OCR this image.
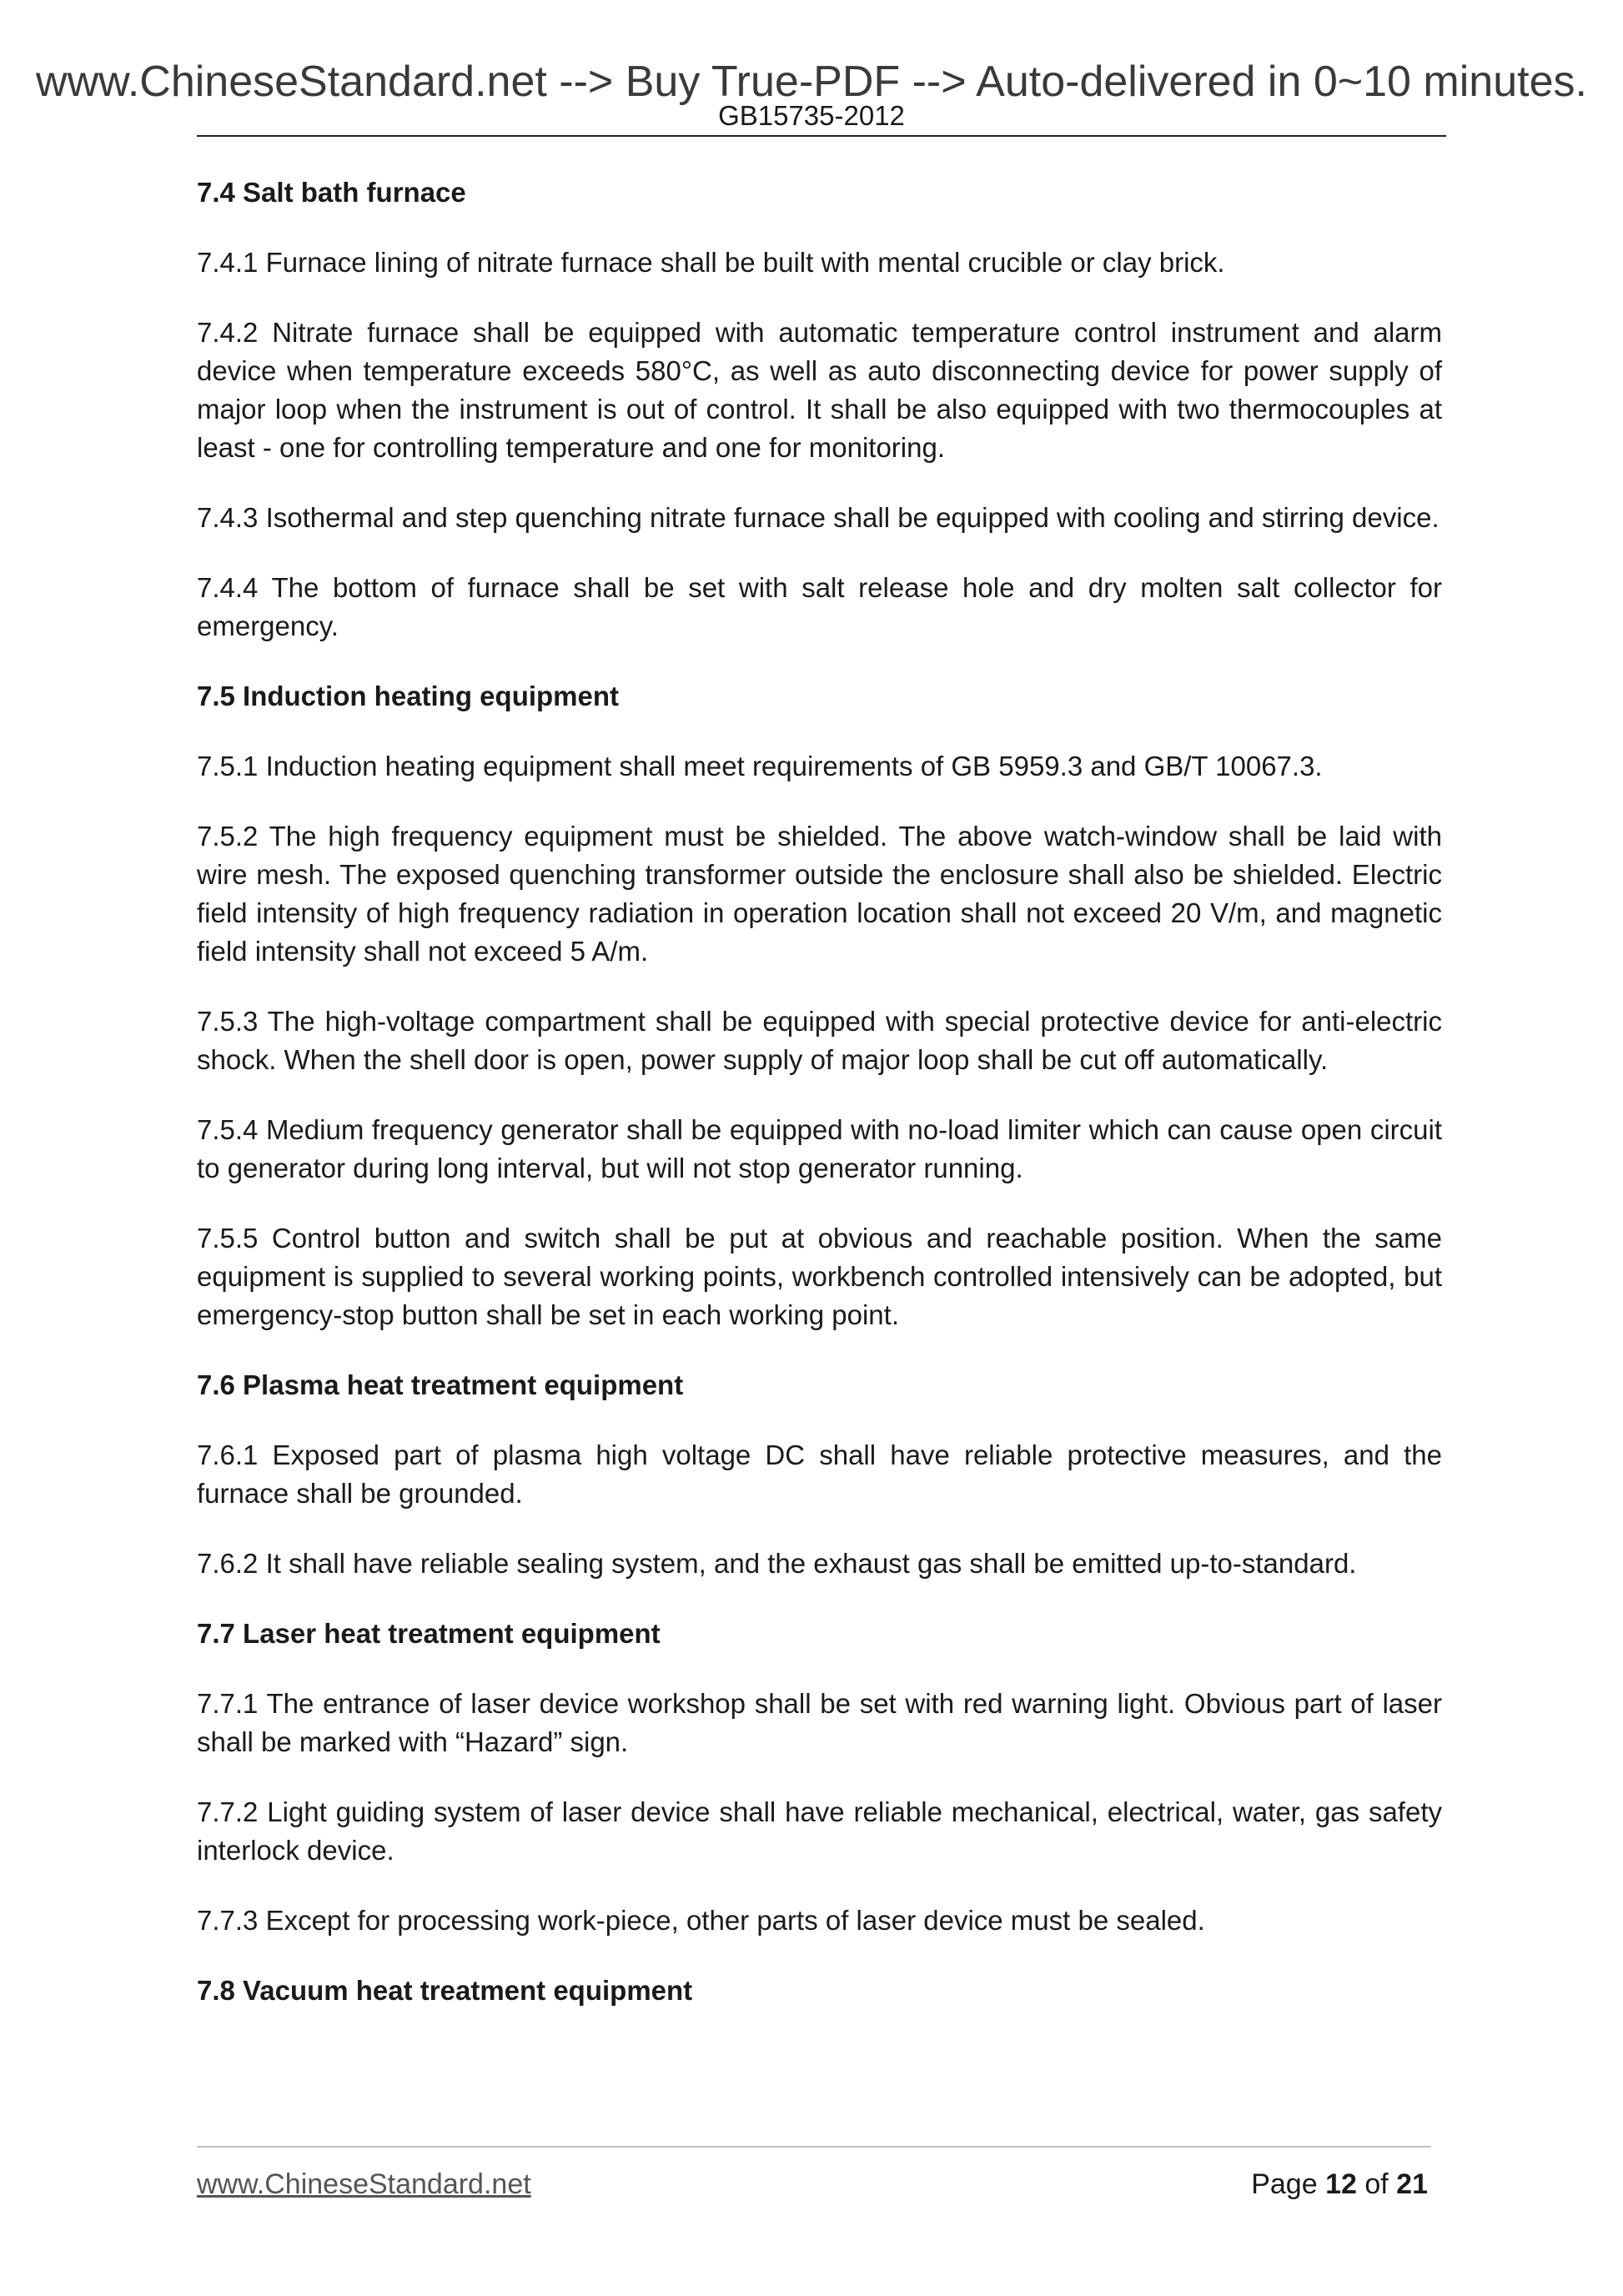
www.ChineseStandard.net --> Buy True-PDF --> Auto-delivered in 0~10 minutes.
GB15735-2012
7.4 Salt bath furnace
7.4.1 Furnace lining of nitrate furnace shall be built with mental crucible or clay brick.
7.4.2 Nitrate furnace shall be equipped with automatic temperature control instrument and alarm device when temperature exceeds 580°C, as well as auto disconnecting device for power supply of major loop when the instrument is out of control. It shall be also equipped with two thermocouples at least - one for controlling temperature and one for monitoring.
7.4.3 Isothermal and step quenching nitrate furnace shall be equipped with cooling and stirring device.
7.4.4 The bottom of furnace shall be set with salt release hole and dry molten salt collector for emergency.
7.5 Induction heating equipment
7.5.1 Induction heating equipment shall meet requirements of GB 5959.3 and GB/T 10067.3.
7.5.2 The high frequency equipment must be shielded. The above watch-window shall be laid with wire mesh. The exposed quenching transformer outside the enclosure shall also be shielded. Electric field intensity of high frequency radiation in operation location shall not exceed 20 V/m, and magnetic field intensity shall not exceed 5 A/m.
7.5.3 The high-voltage compartment shall be equipped with special protective device for anti-electric shock. When the shell door is open, power supply of major loop shall be cut off automatically.
7.5.4 Medium frequency generator shall be equipped with no-load limiter which can cause open circuit to generator during long interval, but will not stop generator running.
7.5.5 Control button and switch shall be put at obvious and reachable position. When the same equipment is supplied to several working points, workbench controlled intensively can be adopted, but emergency-stop button shall be set in each working point.
7.6 Plasma heat treatment equipment
7.6.1 Exposed part of plasma high voltage DC shall have reliable protective measures, and the furnace shall be grounded.
7.6.2 It shall have reliable sealing system, and the exhaust gas shall be emitted up-to-standard.
7.7 Laser heat treatment equipment
7.7.1 The entrance of laser device workshop shall be set with red warning light. Obvious part of laser shall be marked with “Hazard” sign.
7.7.2 Light guiding system of laser device shall have reliable mechanical, electrical, water, gas safety interlock device.
7.7.3 Except for processing work-piece, other parts of laser device must be sealed.
7.8 Vacuum heat treatment equipment
www.ChineseStandard.net	Page 12 of 21
